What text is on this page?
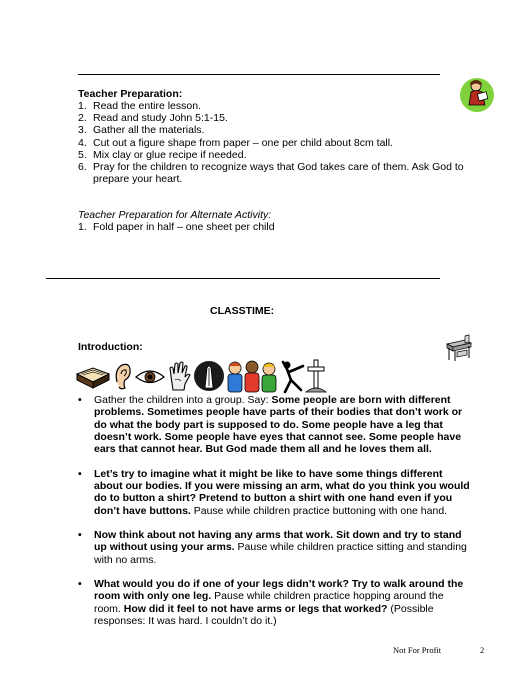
Teacher Preparation:
1. Read the entire lesson.
2. Read and study John 5:1-15.
3. Gather all the materials.
4. Cut out a figure shape from paper – one per child about 8cm tall.
5. Mix clay or glue recipe if needed.
6. Pray for the children to recognize ways that God takes care of them. Ask God to prepare your heart.
Teacher Preparation for Alternate Activity:
1. Fold paper in half – one sheet per child
CLASSTIME:
Introduction:
• Gather the children into a group. Say: Some people are born with different problems. Sometimes people have parts of their bodies that don’t work or do what the body part is supposed to do. Some people have a leg that doesn’t work. Some people have eyes that cannot see. Some people have ears that cannot hear. But God made them all and he loves them all.
• Let’s try to imagine what it might be like to have some things different about our bodies. If you were missing an arm, what do you think you would do to button a shirt? Pretend to button a shirt with one hand even if you don’t have buttons. Pause while children practice buttoning with one hand.
• Now think about not having any arms that work. Sit down and try to stand up without using your arms. Pause while children practice sitting and standing with no arms.
• What would you do if one of your legs didn’t work? Try to walk around the room with only one leg. Pause while children practice hopping around the room. How did it feel to not have arms or legs that worked? (Possible responses: It was hard. I couldn’t do it.)
Not For Profit	2
